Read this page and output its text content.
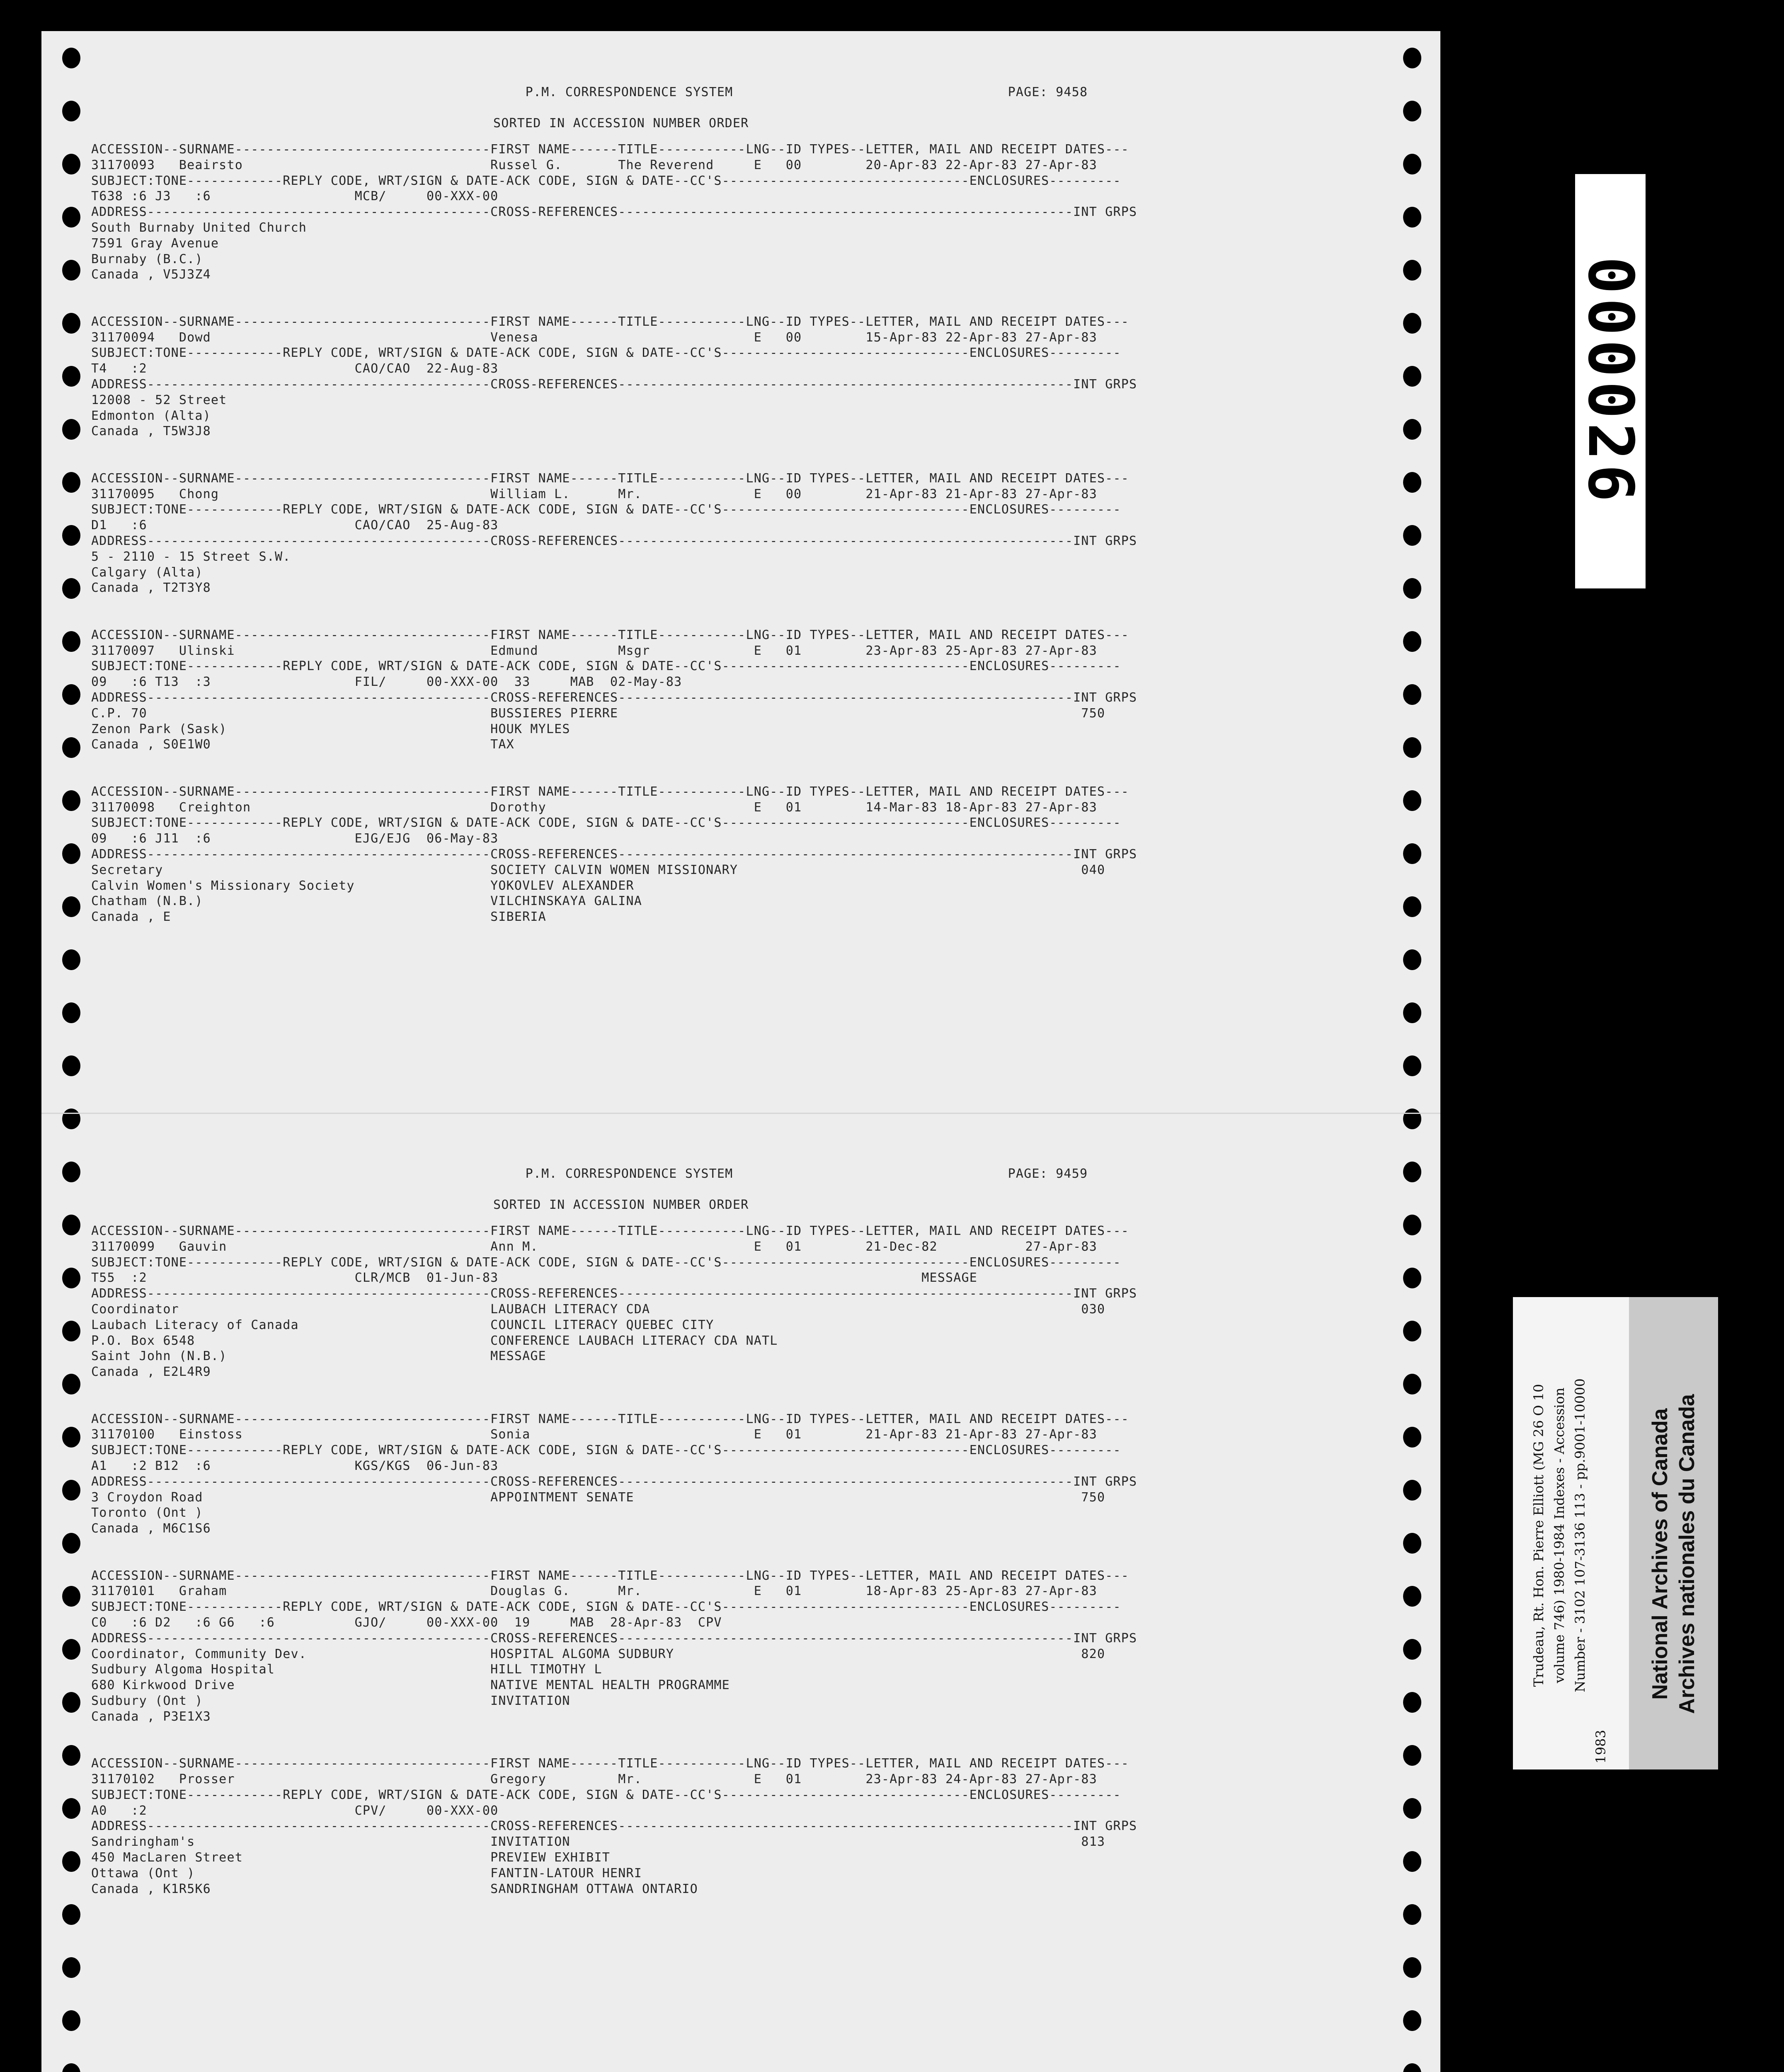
P.M. CORRESPONDENCE SYSTEM	PAGE: 9458
SORTED IN ACCESSION NUMBER ORDER
ACCESSION--SURNAME--------------------------------FIRST NAME------TITLE-----------LNG--ID TYPES--LETTER, MAIL AND RECEIPT DATES---
31170093   Beairsto                               Russel G.       The Reverend     E   00        20-Apr-83 22-Apr-83 27-Apr-83
SUBJECT:TONE------------REPLY CODE, WRT/SIGN & DATE-ACK CODE, SIGN & DATE--CC'S-------------------------------ENCLOSURES---------
T638 :6 J3   :6                  MCB/     00-XXX-00
ADDRESS-------------------------------------------CROSS-REFERENCES---------------------------------------------------------INT GRPS
South Burnaby United Church
7591 Gray Avenue
Burnaby (B.C.)
Canada , V5J3Z4
ACCESSION--SURNAME--------------------------------FIRST NAME------TITLE-----------LNG--ID TYPES--LETTER, MAIL AND RECEIPT DATES---
31170094   Dowd                                   Venesa                           E   00        15-Apr-83 22-Apr-83 27-Apr-83
SUBJECT:TONE------------REPLY CODE, WRT/SIGN & DATE-ACK CODE, SIGN & DATE--CC'S-------------------------------ENCLOSURES---------
T4   :2                          CAO/CAO  22-Aug-83
ADDRESS-------------------------------------------CROSS-REFERENCES---------------------------------------------------------INT GRPS
12008 - 52 Street
Edmonton (Alta)
Canada , T5W3J8
ACCESSION--SURNAME--------------------------------FIRST NAME------TITLE-----------LNG--ID TYPES--LETTER, MAIL AND RECEIPT DATES---
31170095   Chong                                  William L.      Mr.              E   00        21-Apr-83 21-Apr-83 27-Apr-83
SUBJECT:TONE------------REPLY CODE, WRT/SIGN & DATE-ACK CODE, SIGN & DATE--CC'S-------------------------------ENCLOSURES---------
D1   :6                          CAO/CAO  25-Aug-83
ADDRESS-------------------------------------------CROSS-REFERENCES---------------------------------------------------------INT GRPS
5 - 2110 - 15 Street S.W.
Calgary (Alta)
Canada , T2T3Y8
ACCESSION--SURNAME--------------------------------FIRST NAME------TITLE-----------LNG--ID TYPES--LETTER, MAIL AND RECEIPT DATES---
31170097   Ulinski                                Edmund          Msgr             E   01        23-Apr-83 25-Apr-83 27-Apr-83
SUBJECT:TONE------------REPLY CODE, WRT/SIGN & DATE-ACK CODE, SIGN & DATE--CC'S-------------------------------ENCLOSURES---------
09   :6 T13  :3                  FIL/     00-XXX-00  33     MAB  02-May-83
ADDRESS-------------------------------------------CROSS-REFERENCES---------------------------------------------------------INT GRPS
C.P. 70                                           BUSSIERES PIERRE                                                          750
Zenon Park (Sask)                                 HOUK MYLES
Canada , S0E1W0                                   TAX
ACCESSION--SURNAME--------------------------------FIRST NAME------TITLE-----------LNG--ID TYPES--LETTER, MAIL AND RECEIPT DATES---
31170098   Creighton                              Dorothy                          E   01        14-Mar-83 18-Apr-83 27-Apr-83
SUBJECT:TONE------------REPLY CODE, WRT/SIGN & DATE-ACK CODE, SIGN & DATE--CC'S-------------------------------ENCLOSURES---------
09   :6 J11  :6                  EJG/EJG  06-May-83
ADDRESS-------------------------------------------CROSS-REFERENCES---------------------------------------------------------INT GRPS
Secretary                                         SOCIETY CALVIN WOMEN MISSIONARY                                           040
Calvin Women's Missionary Society                 YOKOVLEV ALEXANDER
Chatham (N.B.)                                    VILCHINSKAYA GALINA
Canada , E                                        SIBERIA
P.M. CORRESPONDENCE SYSTEM	PAGE: 9459
SORTED IN ACCESSION NUMBER ORDER
ACCESSION--SURNAME--------------------------------FIRST NAME------TITLE-----------LNG--ID TYPES--LETTER, MAIL AND RECEIPT DATES---
31170099   Gauvin                                 Ann M.                           E   01        21-Dec-82           27-Apr-83
SUBJECT:TONE------------REPLY CODE, WRT/SIGN & DATE-ACK CODE, SIGN & DATE--CC'S-------------------------------ENCLOSURES---------
T55  :2                          CLR/MCB  01-Jun-83                                                     MESSAGE
ADDRESS-------------------------------------------CROSS-REFERENCES---------------------------------------------------------INT GRPS
Coordinator                                       LAUBACH LITERACY CDA                                                      030
Laubach Literacy of Canada                        COUNCIL LITERACY QUEBEC CITY
P.O. Box 6548                                     CONFERENCE LAUBACH LITERACY CDA NATL
Saint John (N.B.)                                 MESSAGE
Canada , E2L4R9
ACCESSION--SURNAME--------------------------------FIRST NAME------TITLE-----------LNG--ID TYPES--LETTER, MAIL AND RECEIPT DATES---
31170100   Einstoss                               Sonia                            E   01        21-Apr-83 21-Apr-83 27-Apr-83
SUBJECT:TONE------------REPLY CODE, WRT/SIGN & DATE-ACK CODE, SIGN & DATE--CC'S-------------------------------ENCLOSURES---------
A1   :2 B12  :6                  KGS/KGS  06-Jun-83
ADDRESS-------------------------------------------CROSS-REFERENCES---------------------------------------------------------INT GRPS
3 Croydon Road                                    APPOINTMENT SENATE                                                        750
Toronto (Ont )
Canada , M6C1S6
ACCESSION--SURNAME--------------------------------FIRST NAME------TITLE-----------LNG--ID TYPES--LETTER, MAIL AND RECEIPT DATES---
31170101   Graham                                 Douglas G.      Mr.              E   01        18-Apr-83 25-Apr-83 27-Apr-83
SUBJECT:TONE------------REPLY CODE, WRT/SIGN & DATE-ACK CODE, SIGN & DATE--CC'S-------------------------------ENCLOSURES---------
C0   :6 D2   :6 G6   :6          GJO/     00-XXX-00  19     MAB  28-Apr-83  CPV
ADDRESS-------------------------------------------CROSS-REFERENCES---------------------------------------------------------INT GRPS
Coordinator, Community Dev.                       HOSPITAL ALGOMA SUDBURY                                                   820
Sudbury Algoma Hospital                           HILL TIMOTHY L
680 Kirkwood Drive                                NATIVE MENTAL HEALTH PROGRAMME
Sudbury (Ont )                                    INVITATION
Canada , P3E1X3
ACCESSION--SURNAME--------------------------------FIRST NAME------TITLE-----------LNG--ID TYPES--LETTER, MAIL AND RECEIPT DATES---
31170102   Prosser                                Gregory         Mr.              E   01        23-Apr-83 24-Apr-83 27-Apr-83
SUBJECT:TONE------------REPLY CODE, WRT/SIGN & DATE-ACK CODE, SIGN & DATE--CC'S-------------------------------ENCLOSURES---------
A0   :2                          CPV/     00-XXX-00
ADDRESS-------------------------------------------CROSS-REFERENCES---------------------------------------------------------INT GRPS
Sandringham's                                     INVITATION                                                                813
450 MacLaren Street                               PREVIEW EXHIBIT
Ottawa (Ont )                                     FANTIN-LATOUR HENRI
Canada , K1R5K6                                   SANDRINGHAM OTTAWA ONTARIO
000026
Trudeau, Rt. Hon. Pierre Elliott (MG 26 O 10 volume 746) 1980-1984 Indexes - Accession Number - 3102 107-3136 113 - pp.9001-10000
1983
National Archives of Canada Archives nationales du Canada
